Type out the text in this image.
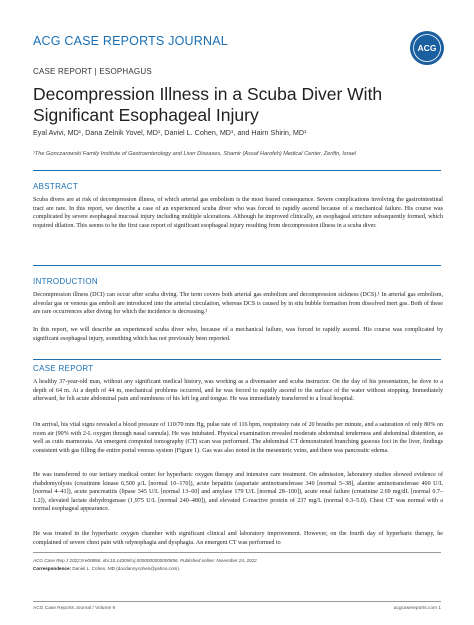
ACG CASE REPORTS JOURNAL	ACG
CASE REPORT | ESOPHAGUS
Decompression Illness in a Scuba Diver With Significant Esophageal Injury
Eyal Avivi, MD¹, Dana Zelnik Yovel, MD¹, Daniel L. Cohen, MD¹, and Hairn Shirin, MD¹
¹The Gonczarowski Family Institute of Gastroenterology and Liver Diseases, Shamir (Assaf Harofeh) Medical Center, Zerifin, Israel
ABSTRACT

Scuba divers are at risk of decompression illness, of which arterial gas embolism is the most feared consequence. Severe complications involving the gastrointestinal tract are rare. In this report, we describe a case of an experienced scuba diver who was forced to rapidly ascend because of a mechanical failure. His course was complicated by severe esophageal mucosal injury including multiple ulcerations. Although he improved clinically, an esophageal stricture subsequently formed, which required dilation. This seems to be the first case report of significant esophageal injury resulting from decompression illness in a scuba diver.

INTRODUCTION

Decompression illness (DCI) can occur after scuba diving. The term covers both arterial gas embolism and decompression sickness (DCS).¹ In arterial gas embolism, alveolar gas or venous gas emboli are introduced into the arterial circulation, whereas DCS is caused by in situ bubble formation from dissolved inert gas. Both of these are rare occurrences after diving for which the incidence is decreasing.²

In this report, we will describe an experienced scuba diver who, because of a mechanical failure, was forced to rapidly ascend. His course was complicated by significant esophageal injury, something which has not previously been reported.

CASE REPORT

A healthy 37-year-old man, without any significant medical history, was working as a divemaster and scuba instructor. On the day of his presentation, he dove to a depth of 64 m. At a depth of 44 m, mechanical problems occurred, and he was forced to rapidly ascend to the surface of the water without stopping. Immediately afterward, he felt acute abdominal pain and numbness of his left leg and tongue. He was immediately transferred to a local hospital.

On arrival, his vital signs revealed a blood pressure of 110/70 mm Hg, pulse rate of 116 bpm, respiratory rate of 20 breaths per minute, and a saturation of only 80% on room air (90% with 2-L oxygen through nasal cannula). He was intubated. Physical examination revealed moderate abdominal tenderness and abdominal distention, as well as cutis marmorata. An emergent computed tomography (CT) scan was performed. The abdominal CT demonstrated branching gaseous foci in the liver, findings consistent with gas filling the entire portal venous system (Figure 1). Gas was also noted in the mesenteric veins, and there was pancreatic edema.

He was transferred to our tertiary medical center for hyperbaric oxygen therapy and intensive care treatment. On admission, laboratory studies showed evidence of rhabdomyolysis (creatinine kinase 6,500 μ/L [normal 10–170]), acute hepatitis (aspartate aminotransferase 340 [normal 5–38], alanine aminotransferase 400 U/L [normal 4–41]), acute pancreatitis (lipase 345 U/L [normal 13–60] and amylase 179 U/L [normal 28–100]), acute renal failure (creatinine 2.69 mg/dL [normal 0.7–1.2]), elevated lactate dehydrogenase (1,975 U/L [normal 240–480]), and elevated C-reactive protein of 237 mg/L (normal 0.3–5.0). Chest CT was normal with a normal esophageal appearance.

He was treated in the hyperbaric oxygen chamber with significant clinical and laboratory improvement. However, on the fourth day of hyperbaric therapy, he complained of severe chest pain with odynophagia and dysphagia. An emergent CT was performed to

ACG Case Rep J 2022;9:e00856. doi:10.14309/crj.0000000000000856. Published online: November 24, 2022
Correspondence: Daniel L. Cohen, MD (docdannycohen@yahoo.com).
ACG Case Reports Journal / Volume 9	acgcasereports.com 1
